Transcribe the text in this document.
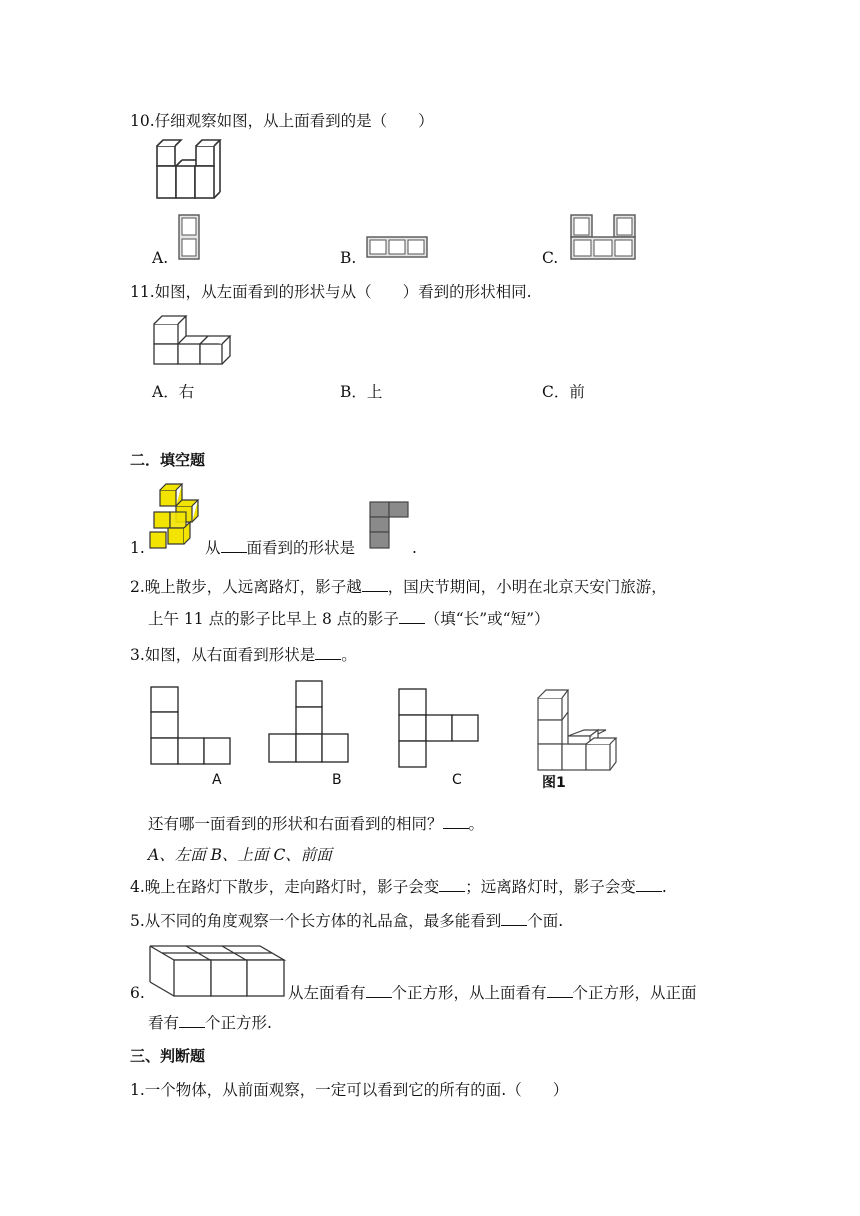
10.仔细观察如图，从上面看到的是（　　）
A.	B.	C.
11.如图，从左面看到的形状与从（　　）看到的形状相同.
A．右	B．上	C．前
二．填空题
1.	从 面看到的形状是	.
2.晚上散步，人远离路灯，影子越 ，国庆节期间，小明在北京天安门旅游，
上午 11 点的影子比早上 8 点的影子 （填“长”或“短”）
3.如图，从右面看到形状是 。
A	B	C	图1
还有哪一面看到的形状和右面看到的相同？ 。
A、左面 B、上面 C、前面
4.晚上在路灯下散步，走向路灯时，影子会变 ；远离路灯时，影子会变 .
5.从不同的角度观察一个长方体的礼品盒，最多能看到 个面.
6.	从左面看有 个正方形，从上面看有 个正方形，从正面
看有 个正方形.
三、判断题
1.一个物体，从前面观察，一定可以看到它的所有的面.（　　）
